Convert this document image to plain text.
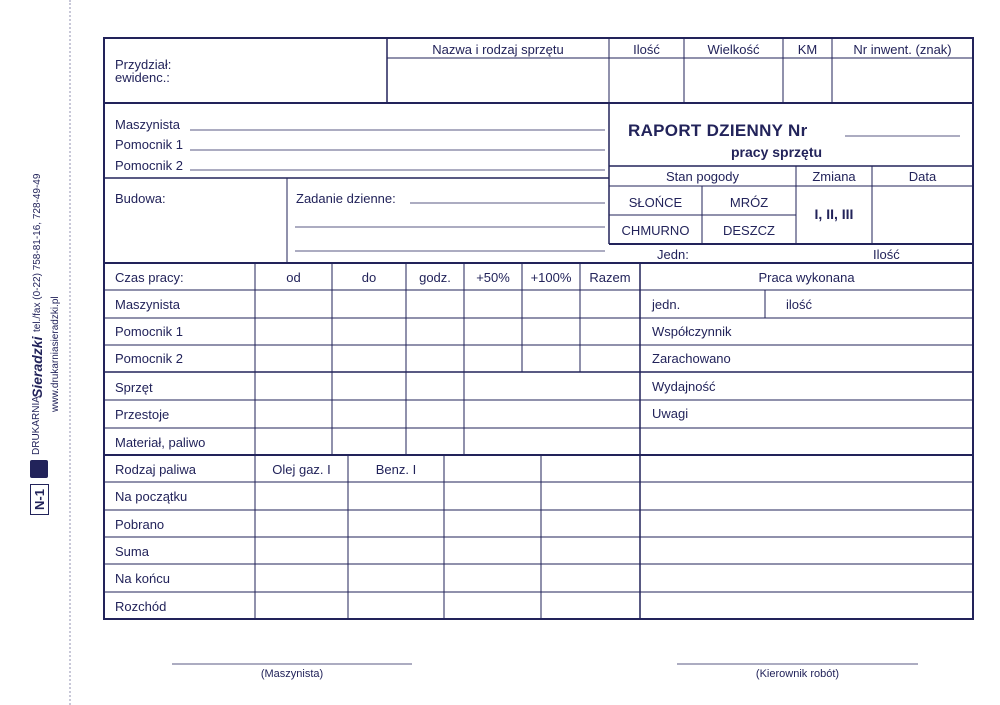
N-1
DRUKARNIA
Sieradzki
tel./fax (0-22) 758-81-16, 728-49-49
www.drukarniasieradzki.pl
Przydział:
ewidenc.:
Nazwa i rodzaj sprzętu	Ilość	Wielkość	KM	Nr inwent. (znak)
Maszynista
Pomocnik 1
Pomocnik 2
RAPORT DZIENNY Nr
pracy sprzętu
Stan pogody	Zmiana	Data
SŁOŃCE	MRÓZ
CHMURNO	DESZCZ
I, II, III
Jedn:	Ilość
Budowa:	Zadanie dzienne:
Czas pracy:	od	do	godz.	+50%	+100%	Razem
Maszynista
Pomocnik 1
Pomocnik 2
Sprzęt
Przestoje
Materiał, paliwo
Praca wykonana
jedn.	ilość
Współczynnik
Zarachowano
Wydajność
Uwagi
Rodzaj paliwa	Olej gaz. I	Benz. I
Na początku
Pobrano
Suma
Na końcu
Rozchód
(Maszynista)	(Kierownik robót)
